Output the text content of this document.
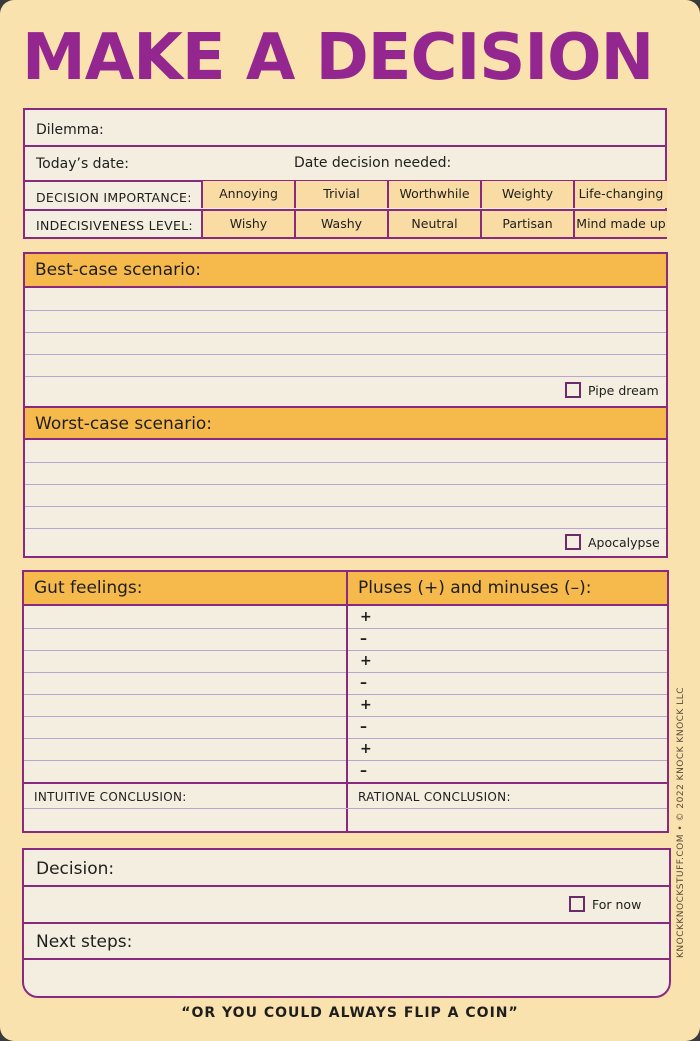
MAKE A DECISION
Dilemma:
Today’s date:	Date decision needed:
DECISION IMPORTANCE:	Annoying	Trivial	Worthwhile	Weighty	Life-changing
INDECISIVENESS LEVEL:	Wishy	Washy	Neutral	Partisan	Mind made up
Best-case scenario:
Pipe dream
Worst-case scenario:
Apocalypse
Gut feelings:	Pluses (+) and minuses (–):
+
–
+
–
+
–
+
–
INTUITIVE CONCLUSION:	RATIONAL CONCLUSION:
Decision:
For now
Next steps:	KNOCKKNOCKSTUFF.COM • © 2022 KNOCK KNOCK LLC
“OR YOU COULD ALWAYS FLIP A COIN”
